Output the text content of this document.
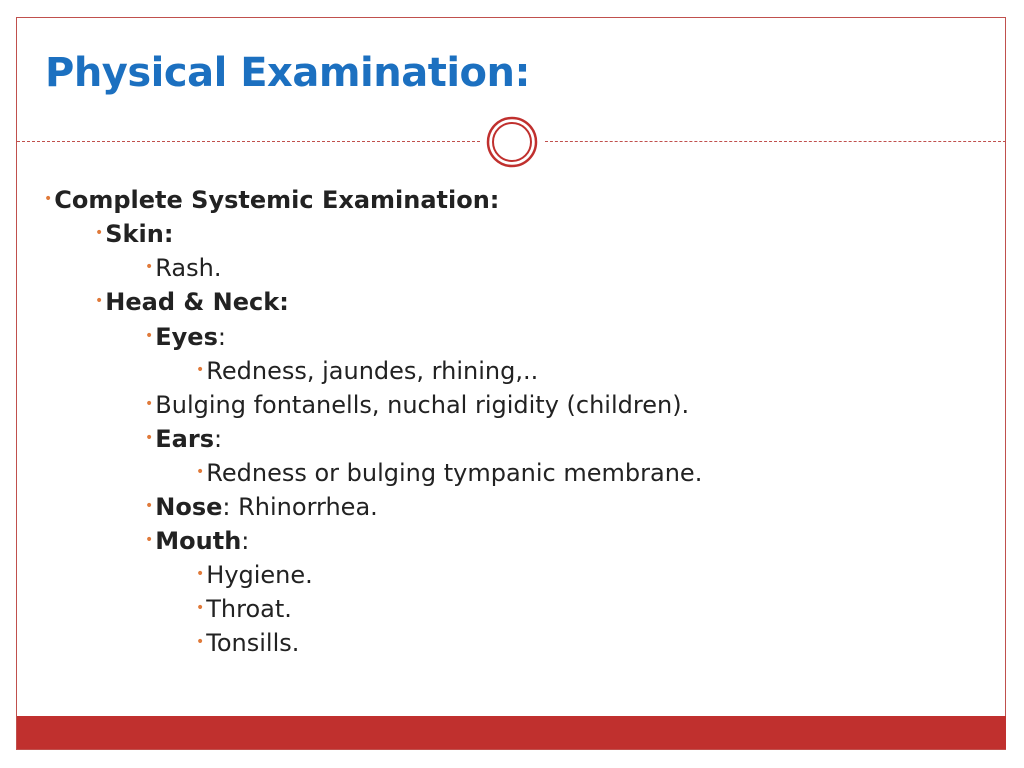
Physical Examination:
•Complete Systemic Examination:
•Skin:
•Rash.
•Head & Neck:
•Eyes:
•Redness, jaundes, rhining,..
•Bulging fontanells, nuchal rigidity (children).
•Ears:
•Redness or bulging tympanic membrane.
•Nose: Rhinorrhea.
•Mouth:
•Hygiene.
•Throat.
•Tonsills.
